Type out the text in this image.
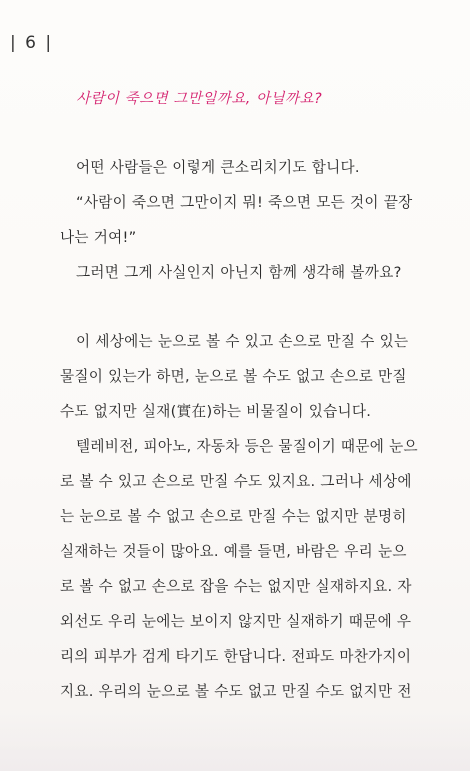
| 6 |
사람이 죽으면 그만일까요, 아닐까요?
어떤 사람들은 이렇게 큰소리치기도 합니다.
“사람이 죽으면 그만이지 뭐! 죽으면 모든 것이 끝장
나는 거여!”
그러면 그게 사실인지 아닌지 함께 생각해 볼까요?
이 세상에는 눈으로 볼 수 있고 손으로 만질 수 있는
물질이 있는가 하면, 눈으로 볼 수도 없고 손으로 만질
수도 없지만 실재(實在)하는 비물질이 있습니다.
텔레비전, 피아노, 자동차 등은 물질이기 때문에 눈으
로 볼 수 있고 손으로 만질 수도 있지요. 그러나 세상에
는 눈으로 볼 수 없고 손으로 만질 수는 없지만 분명히
실재하는 것들이 많아요. 예를 들면, 바람은 우리 눈으
로 볼 수 없고 손으로 잡을 수는 없지만 실재하지요. 자
외선도 우리 눈에는 보이지 않지만 실재하기 때문에 우
리의 피부가 검게 타기도 한답니다. 전파도 마찬가지이
지요. 우리의 눈으로 볼 수도 없고 만질 수도 없지만 전
